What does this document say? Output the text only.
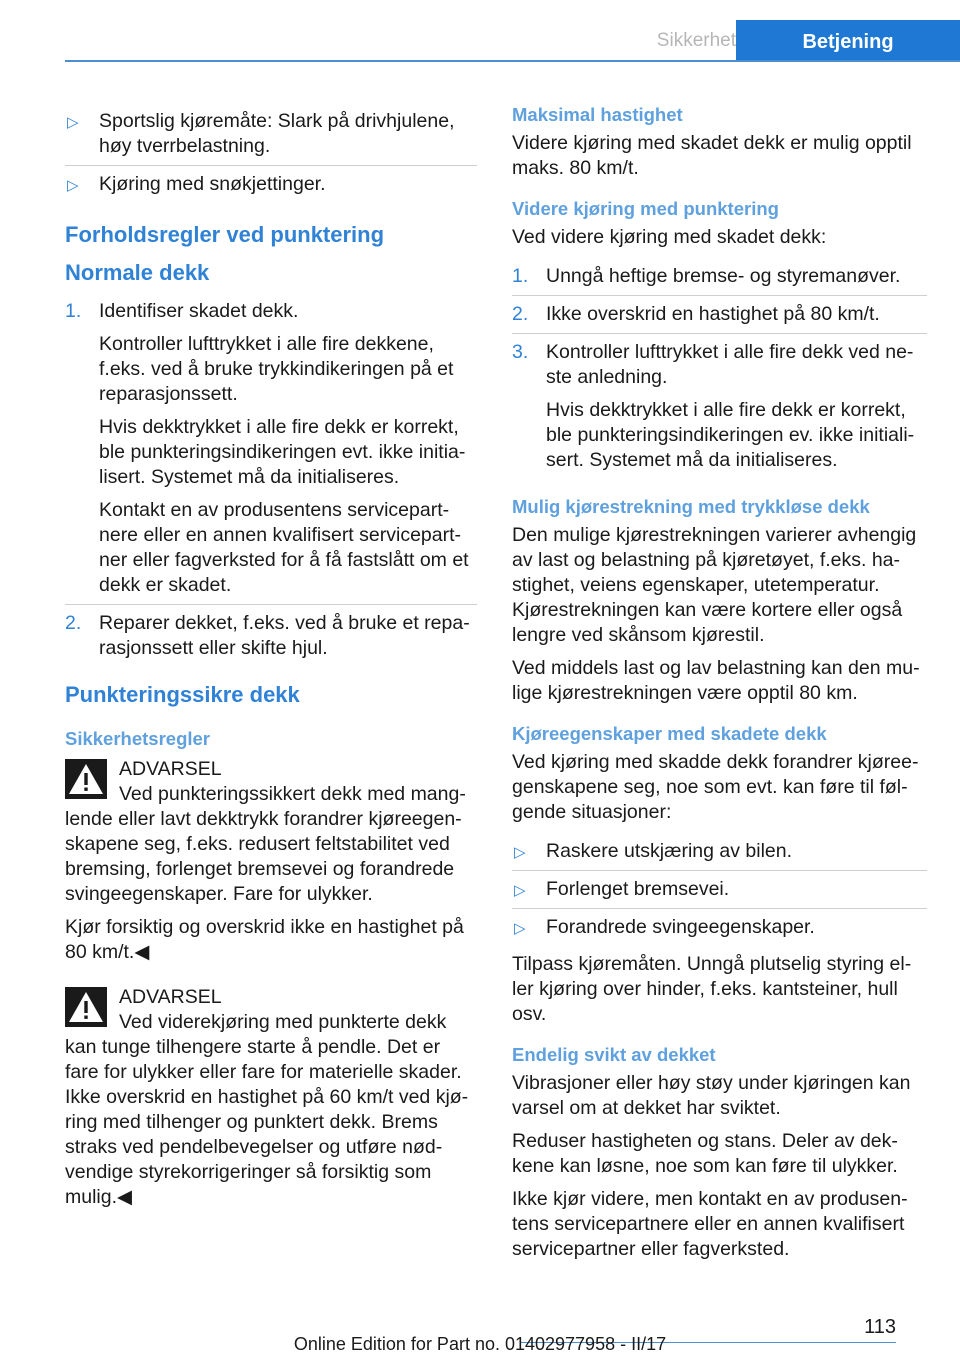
Sikkerhet	Betjening
▷ Sportslig kjøremåte: Slark på drivhjulene, høy tverrbelastning.
▷ Kjøring med snøkjettinger.
Forholdsregler ved punktering
Normale dekk
1. Identifiser skadet dekk.

Kontroller lufttrykket i alle fire dekkene, f.eks. ved å bruke trykkindikeringen på et reparasjonssett.

Hvis dekktrykket i alle fire dekk er korrekt, ble punkteringsindikeringen evt. ikke initia‐lisert. Systemet må da initialiseres.

Kontakt en av produsentens servicepart‐nere eller en annen kvalifisert servicepart‐ner eller fagverksted for å få fastslått om et dekk er skadet.

2. Reparer dekket, f.eks. ved å bruke et repa‐rasjonssett eller skifte hjul.

Punkteringssikre dekk
Sikkerhetsregler
ADVARSEL
Ved punkteringssikkert dekk med mang‐lende eller lavt dekktrykk forandrer kjøreegen‐skapene seg, f.eks. redusert feltstabilitet ved bremsing, forlenget bremsevei og forandrede svingeegenskaper. Fare for ulykker.

Kjør forsiktig og overskrid ikke en hastighet på 80 km/t.◀

ADVARSEL
Ved viderekjøring med punkterte dekk kan tunge tilhengere starte å pendle. Det er fare for ulykker eller fare for materielle skader. Ikke overskrid en hastighet på 60 km/t ved kjø‐ring med tilhenger og punktert dekk. Brems straks ved pendelbevegelser og utføre nød‐vendige styrekorrigeringer så forsiktig som mulig.◀
Maksimal hastighet

Videre kjøring med skadet dekk er mulig opptil maks. 80 km/t.

Videre kjøring med punktering

Ved videre kjøring med skadet dekk:

1. Unngå heftige bremse- og styremanøver.

2. Ikke overskrid en hastighet på 80 km/t.

3. Kontroller lufttrykket i alle fire dekk ved ne‐ste anledning.

Hvis dekktrykket i alle fire dekk er korrekt, ble punkteringsindikeringen ev. ikke initiali‐sert. Systemet må da initialiseres.

Mulig kjørestrekning med trykkløse dekk

Den mulige kjørestrekningen varierer avhengig av last og belastning på kjøretøyet, f.eks. ha‐stighet, veiens egenskaper, utetemperatur. Kjørestrekningen kan være kortere eller også lengre ved skånsom kjørestil.

Ved middels last og lav belastning kan den mu‐lige kjørestrekningen være opptil 80 km.

Kjøreegenskaper med skadete dekk

Ved kjøring med skadde dekk forandrer kjøree‐genskapene seg, noe som evt. kan føre til føl‐gende situasjoner:

▷ Raskere utskjæring av bilen.
▷ Forlenget bremsevei.
▷ Forandrede svingeegenskaper.

Tilpass kjøremåten. Unngå plutselig styring el‐ler kjøring over hinder, f.eks. kantsteiner, hull osv.

Endelig svikt av dekket

Vibrasjoner eller høy støy under kjøringen kan varsel om at dekket har sviktet.

Reduser hastigheten og stans. Deler av dek‐kene kan løsne, noe som kan føre til ulykker.

Ikke kjør videre, men kontakt en av produsen‐tens servicepartnere eller en annen kvalifisert servicepartner eller fagverksted.

113
Online Edition for Part no. 01402977958 - II/17
